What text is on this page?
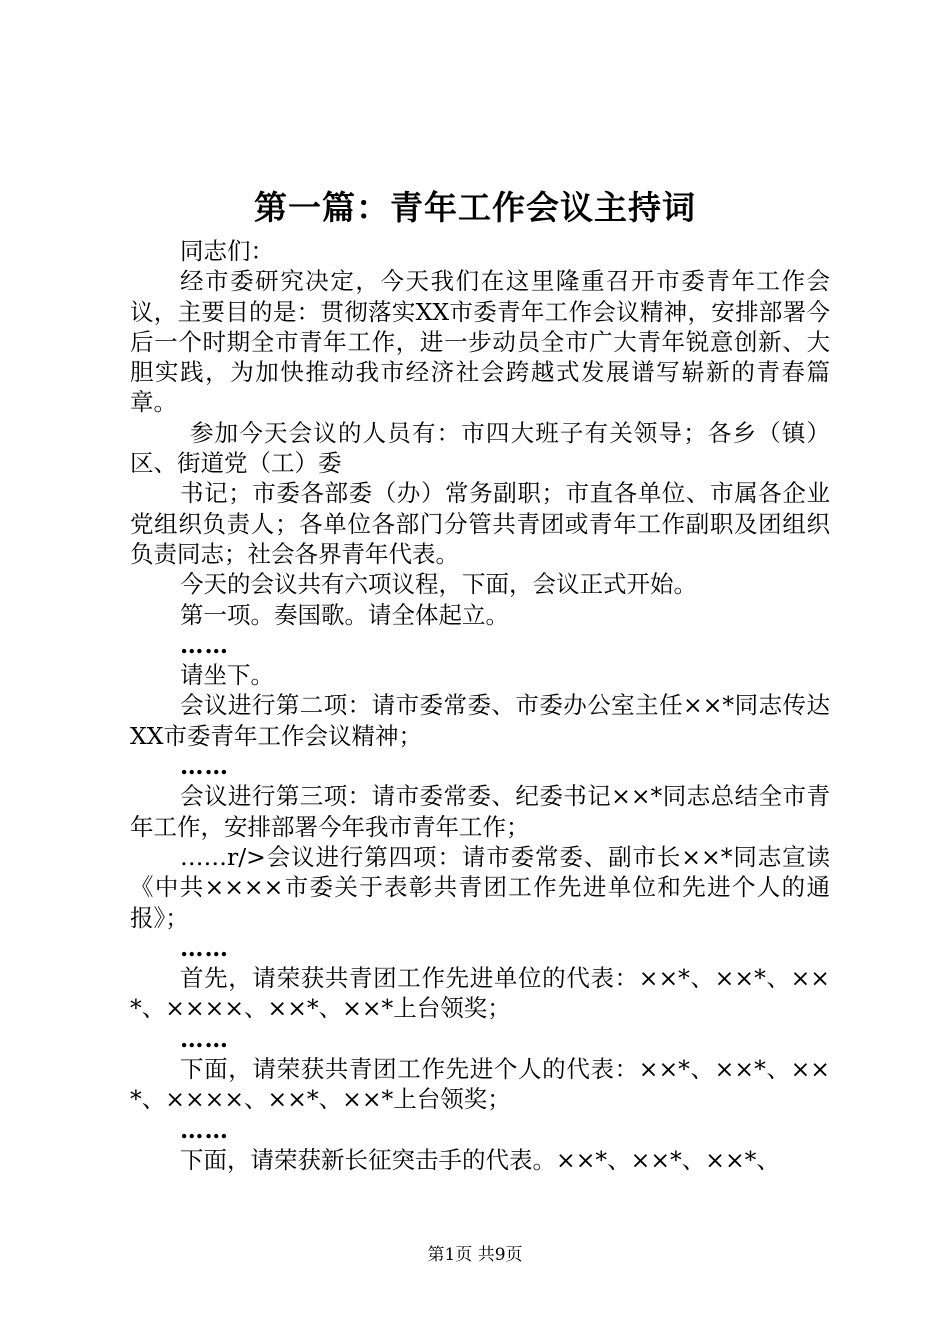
第一篇：青年工作会议主持词

同志们：

经市委研究决定，今天我们在这里隆重召开市委青年工作会议，主要目的是：贯彻落实XX市委青年工作会议精神，安排部署今后一个时期全市青年工作，进一步动员全市广大青年锐意创新、大胆实践，为加快推动我市经济社会跨越式发展谱写崭新的青春篇章。

参加今天会议的人员有：市四大班子有关领导；各乡（镇）区、街道党（工）委

书记；市委各部委（办）常务副职；市直各单位、市属各企业党组织负责人；各单位各部门分管共青团或青年工作副职及团组织负责同志；社会各界青年代表。

今天的会议共有六项议程，下面，会议正式开始。

第一项。奏国歌。请全体起立。

……

请坐下。

会议进行第二项：请市委常委、市委办公室主任××*同志传达XX市委青年工作会议精神；

……

会议进行第三项：请市委常委、纪委书记××*同志总结全市青年工作，安排部署今年我市青年工作；

……r/>会议进行第四项：请市委常委、副市长××*同志宣读《中共××××市委关于表彰共青团工作先进单位和先进个人的通报》；

……

首先，请荣获共青团工作先进单位的代表：××*、××*、××*、××××、××*、××*上台领奖；

……

下面，请荣获共青团工作先进个人的代表：××*、××*、××*、××××、××*、××*上台领奖；

……

下面，请荣获新长征突击手的代表。××*、××*、××*、

第1页 共9页
